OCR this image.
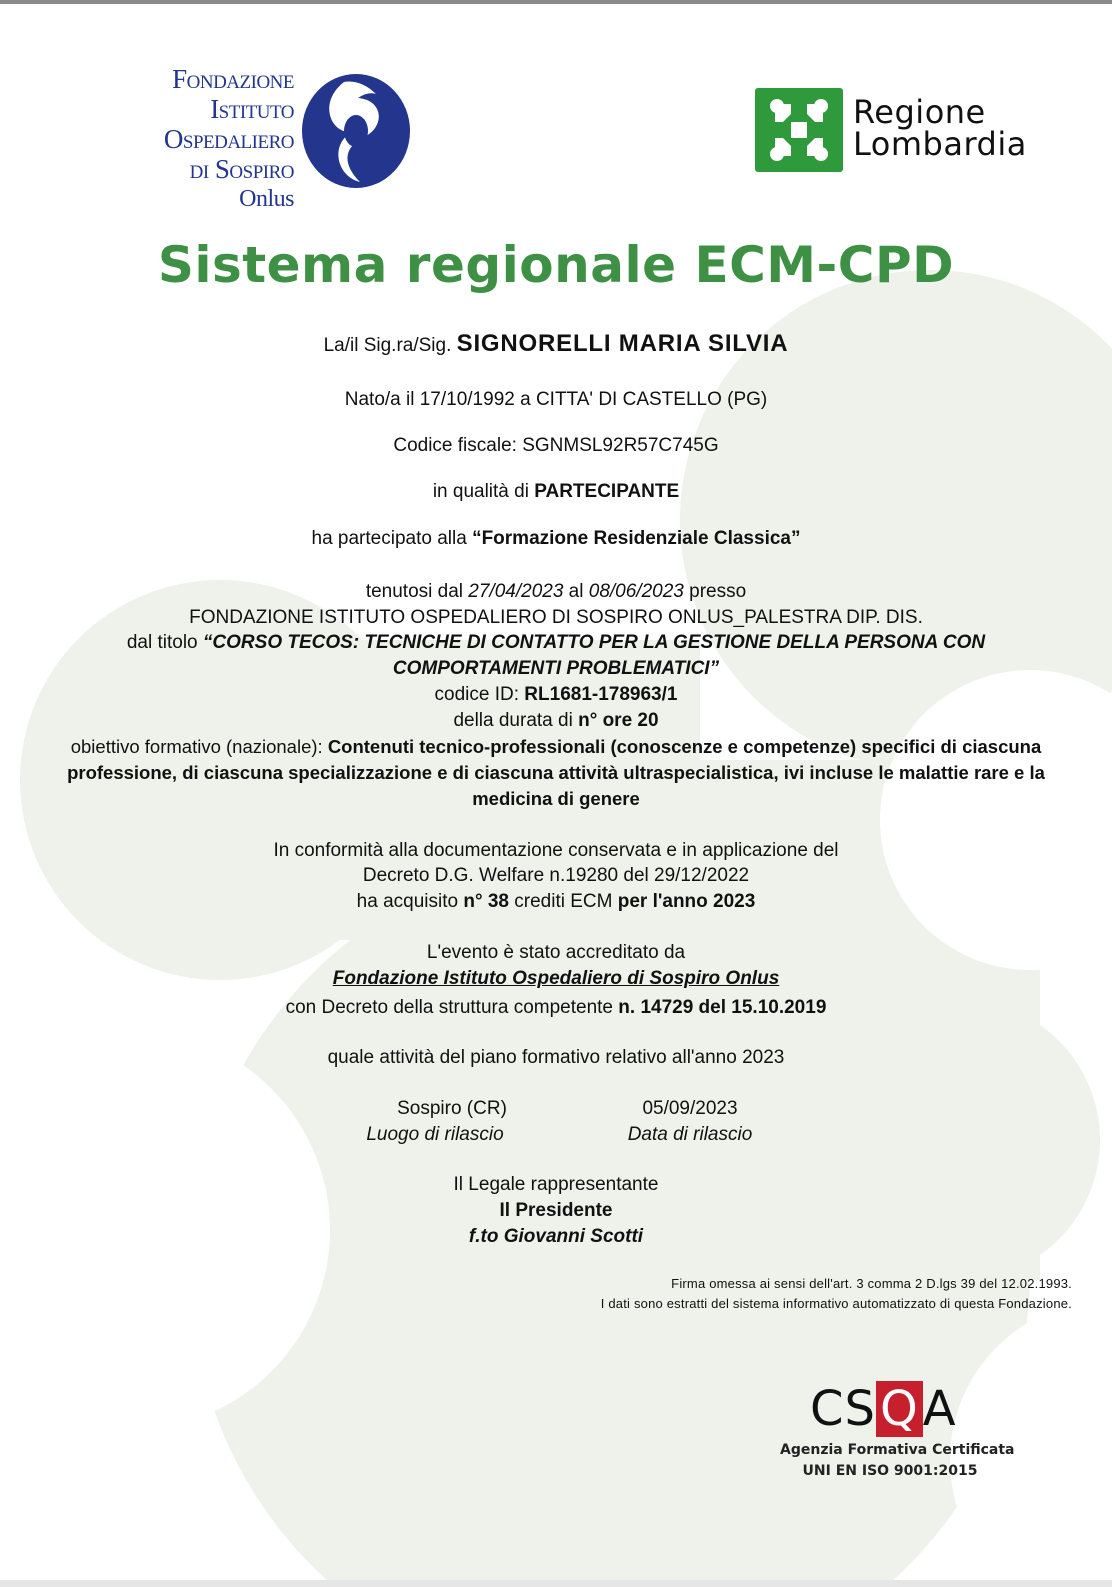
Fondazione
Istituto
Ospedaliero
di Sospiro
Onlus
Regione
Lombardia
Sistema regionale ECM-CPD
La/il Sig.ra/Sig. SIGNORELLI MARIA SILVIA
Nato/a il 17/10/1992 a CITTA' DI CASTELLO (PG)
Codice fiscale: SGNMSL92R57C745G
in qualità di PARTECIPANTE
ha partecipato alla “Formazione Residenziale Classica”
tenutosi dal 27/04/2023 al 08/06/2023 presso
FONDAZIONE ISTITUTO OSPEDALIERO DI SOSPIRO ONLUS_PALESTRA DIP. DIS.
dal titolo “CORSO TECOS: TECNICHE DI CONTATTO PER LA GESTIONE DELLA PERSONA CON
COMPORTAMENTI PROBLEMATICI”
codice ID: RL1681-178963/1
della durata di n° ore 20
obiettivo formativo (nazionale): Contenuti tecnico-professionali (conoscenze e competenze) specifici di ciascuna professione, di ciascuna specializzazione e di ciascuna attività ultraspecialistica, ivi incluse le malattie rare e la medicina di genere
In conformità alla documentazione conservata e in applicazione del
Decreto D.G. Welfare n.19280 del 29/12/2022
ha acquisito n° 38 crediti ECM per l'anno 2023
L'evento è stato accreditato da
Fondazione Istituto Ospedaliero di Sospiro Onlus
con Decreto della struttura competente n. 14729 del 15.10.2019
quale attività del piano formativo relativo all'anno 2023
Sospiro (CR)
Luogo di rilascio
05/09/2023
Data di rilascio
Il Legale rappresentante
Il Presidente
f.to Giovanni Scotti
Firma omessa ai sensi dell'art. 3 comma 2 D.lgs 39 del 12.02.1993.
I dati sono estratti del sistema informativo automatizzato di questa Fondazione.
CSQA
Agenzia Formativa Certificata
UNI EN ISO 9001:2015
